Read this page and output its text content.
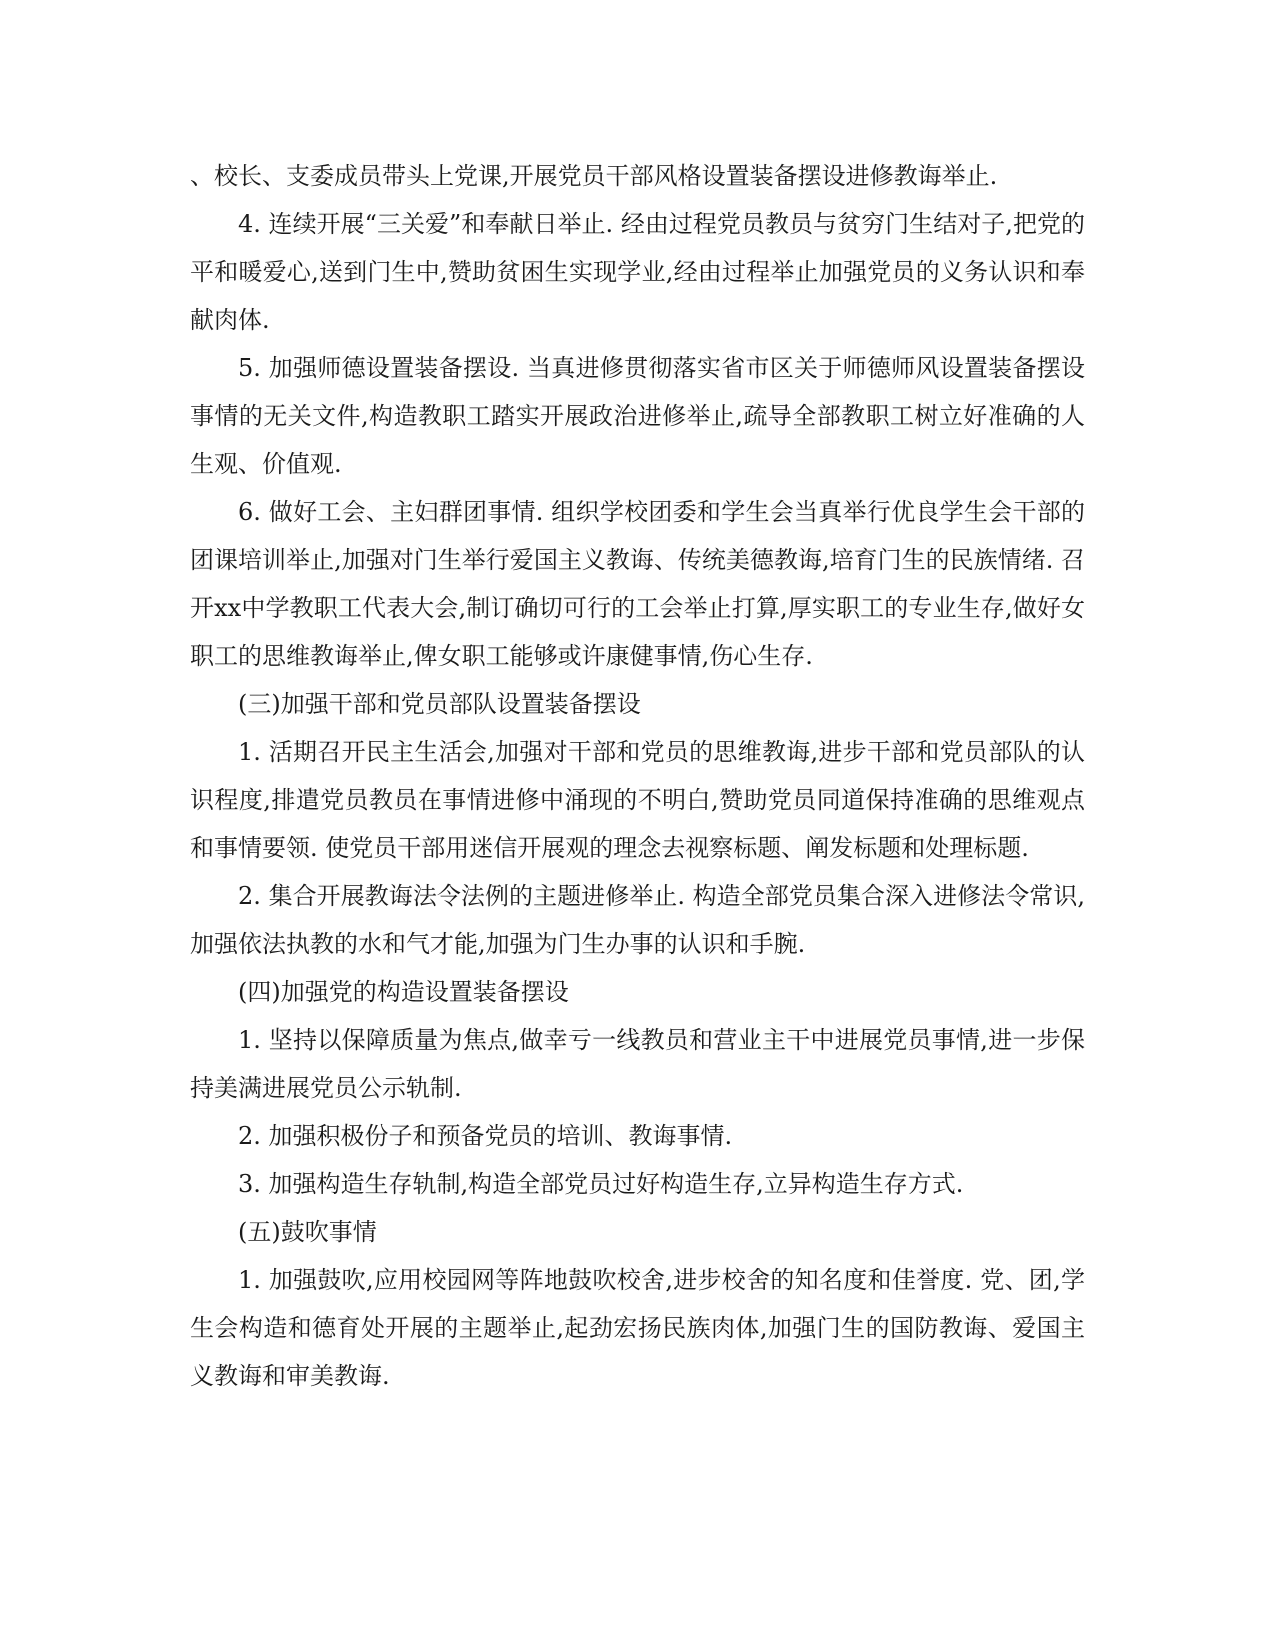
、校长、支委成员带头上党课,开展党员干部风格设置装备摆设进修教诲举止.

4. 连续开展“三关爱”和奉献日举止. 经由过程党员教员与贫穷门生结对子,把党的平和暖爱心,送到门生中,赞助贫困生实现学业,经由过程举止加强党员的义务认识和奉献肉体.

5. 加强师德设置装备摆设. 当真进修贯彻落实省市区关于师德师风设置装备摆设事情的无关文件,构造教职工踏实开展政治进修举止,疏导全部教职工树立好准确的人生观、价值观.

6. 做好工会、主妇群团事情. 组织学校团委和学生会当真举行优良学生会干部的团课培训举止,加强对门生举行爱国主义教诲、传统美德教诲,培育门生的民族情绪. 召开xx中学教职工代表大会,制订确切可行的工会举止打算,厚实职工的专业生存,做好女职工的思维教诲举止,俾女职工能够或许康健事情,伤心生存.

(三)加强干部和党员部队设置装备摆设

1. 活期召开民主生活会,加强对干部和党员的思维教诲,进步干部和党员部队的认识程度,排遣党员教员在事情进修中涌现的不明白,赞助党员同道保持准确的思维观点和事情要领. 使党员干部用迷信开展观的理念去视察标题、阐发标题和处理标题.

2. 集合开展教诲法令法例的主题进修举止. 构造全部党员集合深入进修法令常识,加强依法执教的水和气才能,加强为门生办事的认识和手腕.

(四)加强党的构造设置装备摆设

1. 坚持以保障质量为焦点,做幸亏一线教员和营业主干中进展党员事情,进一步保持美满进展党员公示轨制.

2. 加强积极份子和预备党员的培训、教诲事情.

3. 加强构造生存轨制,构造全部党员过好构造生存,立异构造生存方式.

(五)鼓吹事情

1. 加强鼓吹,应用校园网等阵地鼓吹校舍,进步校舍的知名度和佳誉度. 党、团,学生会构造和德育处开展的主题举止,起劲宏扬民族肉体,加强门生的国防教诲、爱国主义教诲和审美教诲.
